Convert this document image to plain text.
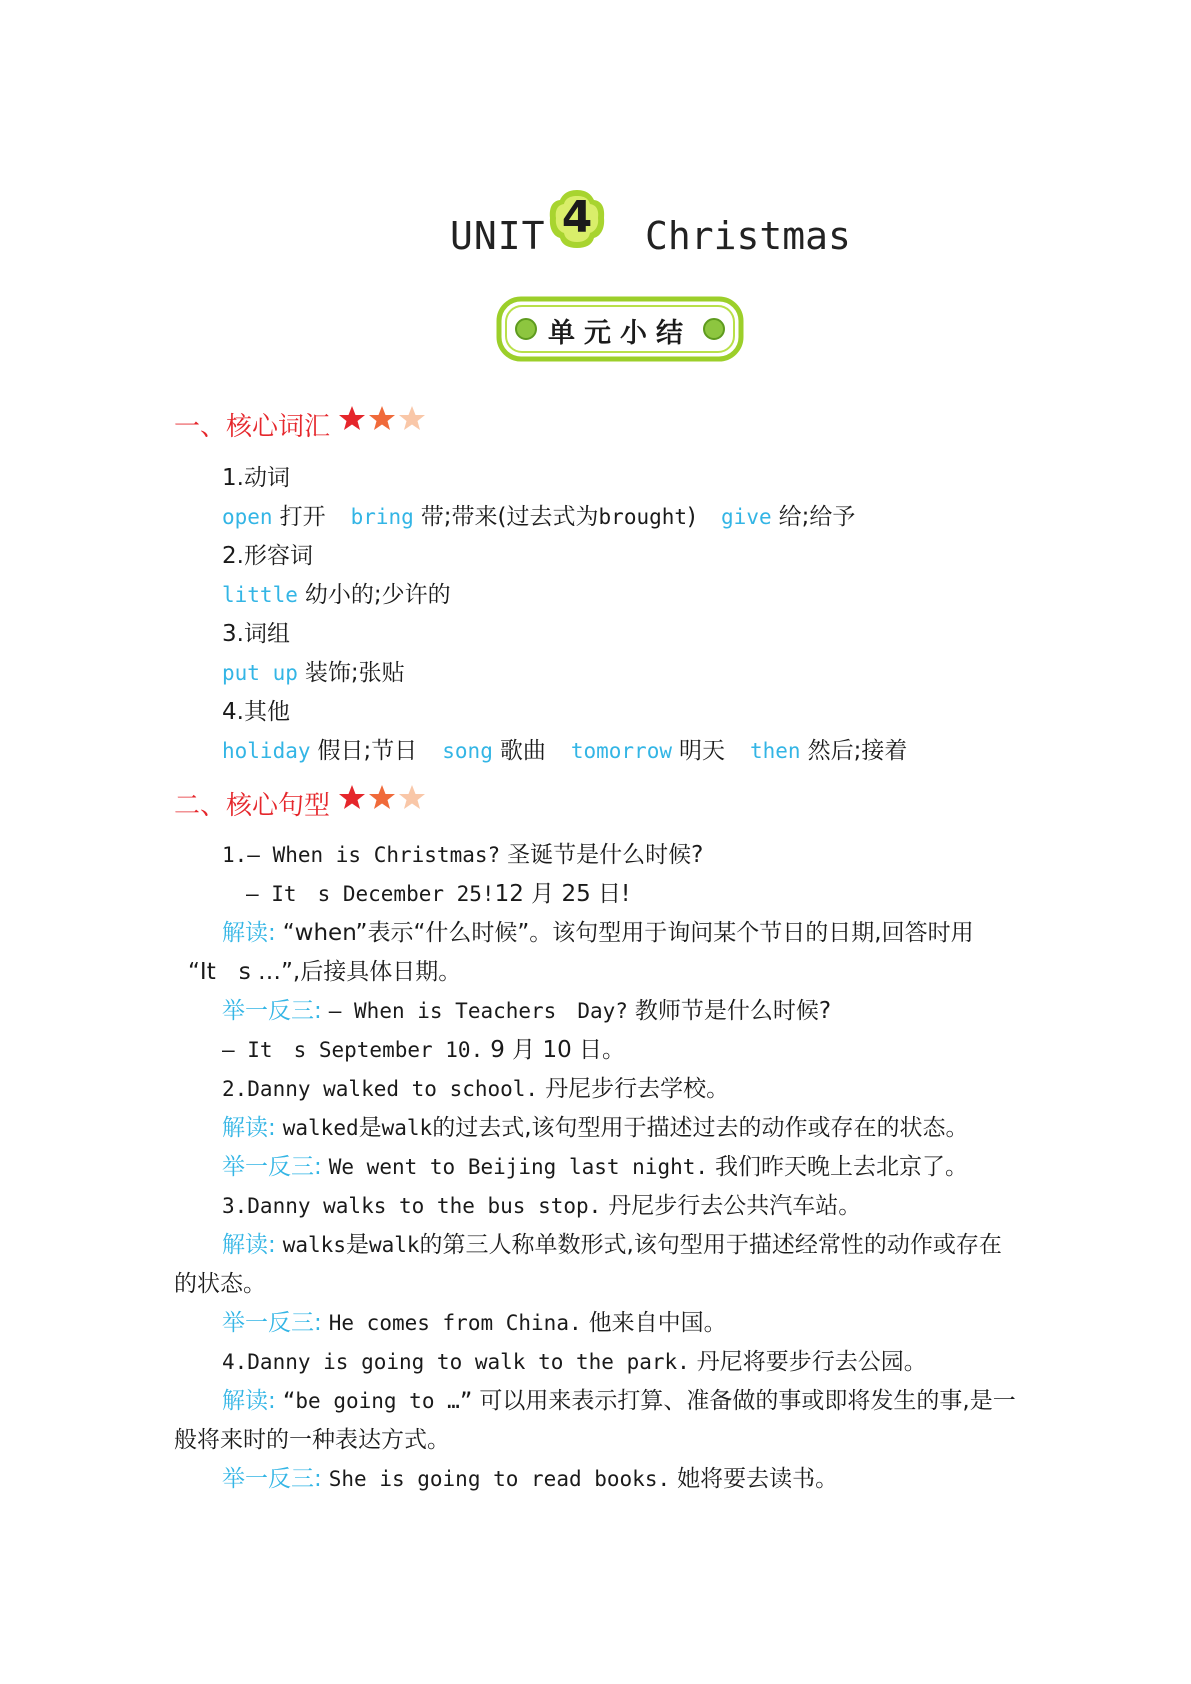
UNIT 4	Christmas
单元小结
一、核心词汇
1.动词
open 打开 bring 带;带来(过去式为brought) give 给;给予
2.形容词
little 幼小的;少许的
3.词组
put up 装饰;张贴
4.其他
holiday 假日;节日 song 歌曲 tomorrow 明天 then 然后;接着
二、核心句型
1.— When is Christmas? 圣诞节是什么时候?
— It　s December 25!12 月 25 日!
解读: “when”表示“什么时候”。该句型用于询问某个节日的日期,回答时用
“It　s …”,后接具体日期。
举一反三: — When is Teachers　Day? 教师节是什么时候?
— It　s September 10. 9 月 10 日。
2.Danny walked to school. 丹尼步行去学校。
解读: walked是walk的过去式,该句型用于描述过去的动作或存在的状态。
举一反三: We went to Beijing last night. 我们昨天晚上去北京了。
3.Danny walks to the bus stop. 丹尼步行去公共汽车站。
解读: walks是walk的第三人称单数形式,该句型用于描述经常性的动作或存在
的状态。
举一反三: He comes from China. 他来自中国。
4.Danny is going to walk to the park. 丹尼将要步行去公园。
解读: “be going to …” 可以用来表示打算、准备做的事或即将发生的事,是一
般将来时的一种表达方式。
举一反三: She is going to read books. 她将要去读书。
